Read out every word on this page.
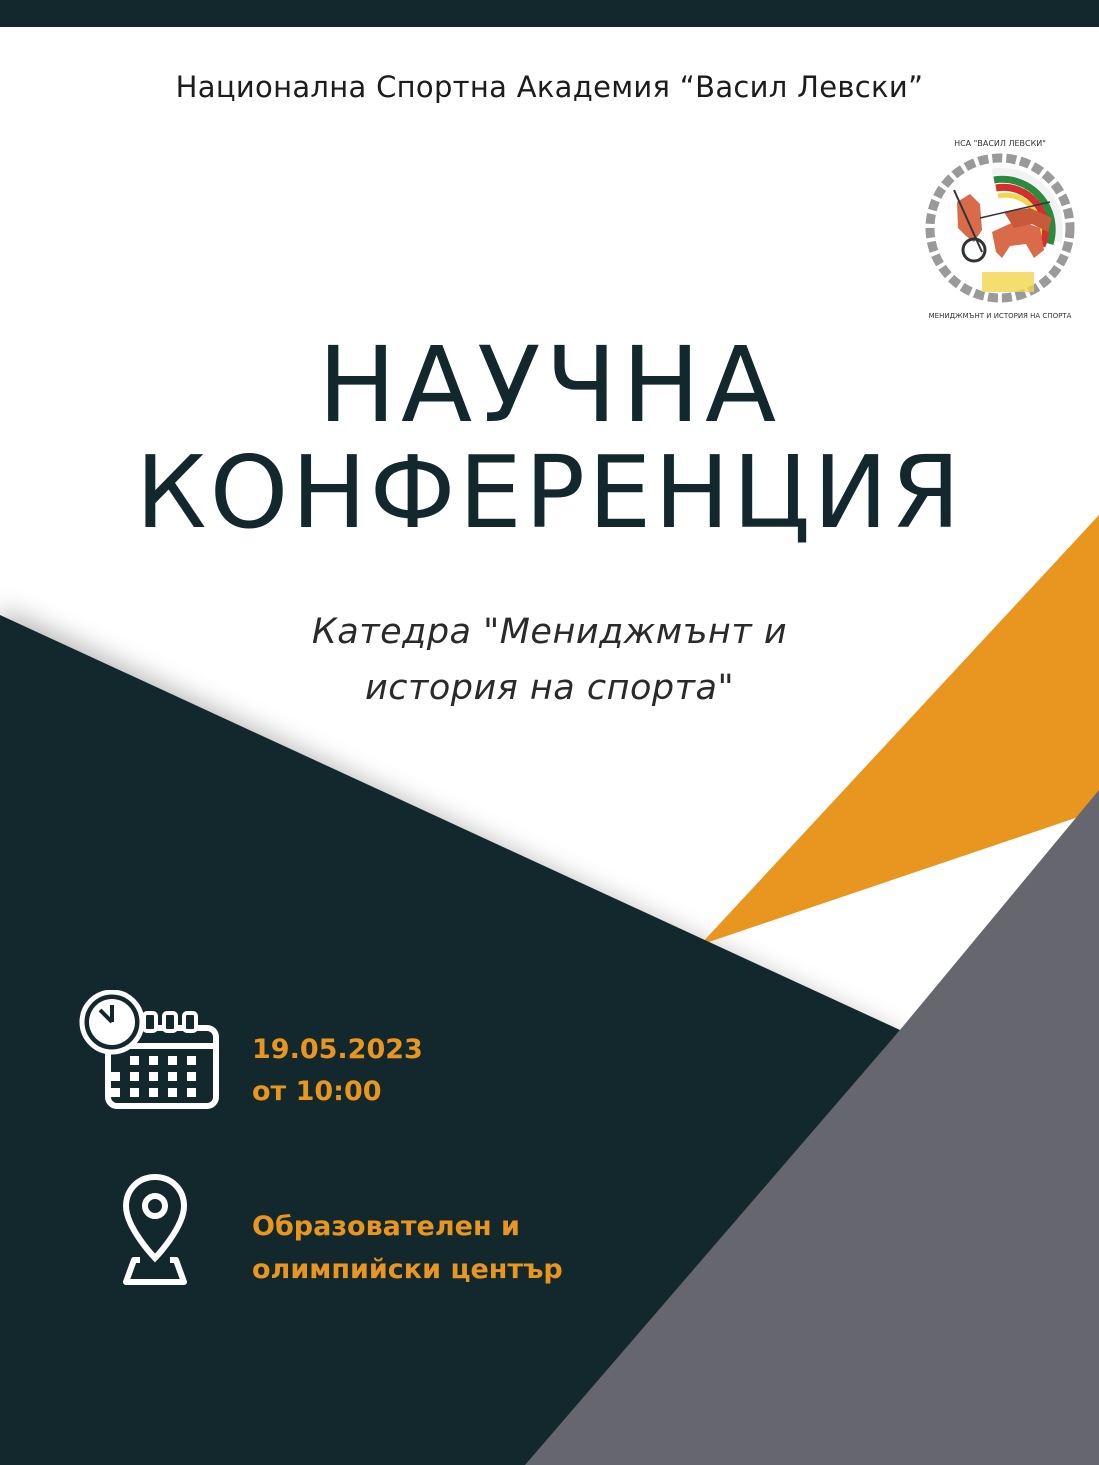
Национална Спортна Академия “Васил Левски”
НСА "ВАСИЛ ЛЕВСКИ"
МЕНИДЖМЪНТ И ИСТОРИЯ НА СПОРТА
НАУЧНА
КОНФЕРЕНЦИЯ
Катедра "Мениджмънт и
история на спорта"
19.05.2023
от 10:00
Образователен и
олимпийски център
